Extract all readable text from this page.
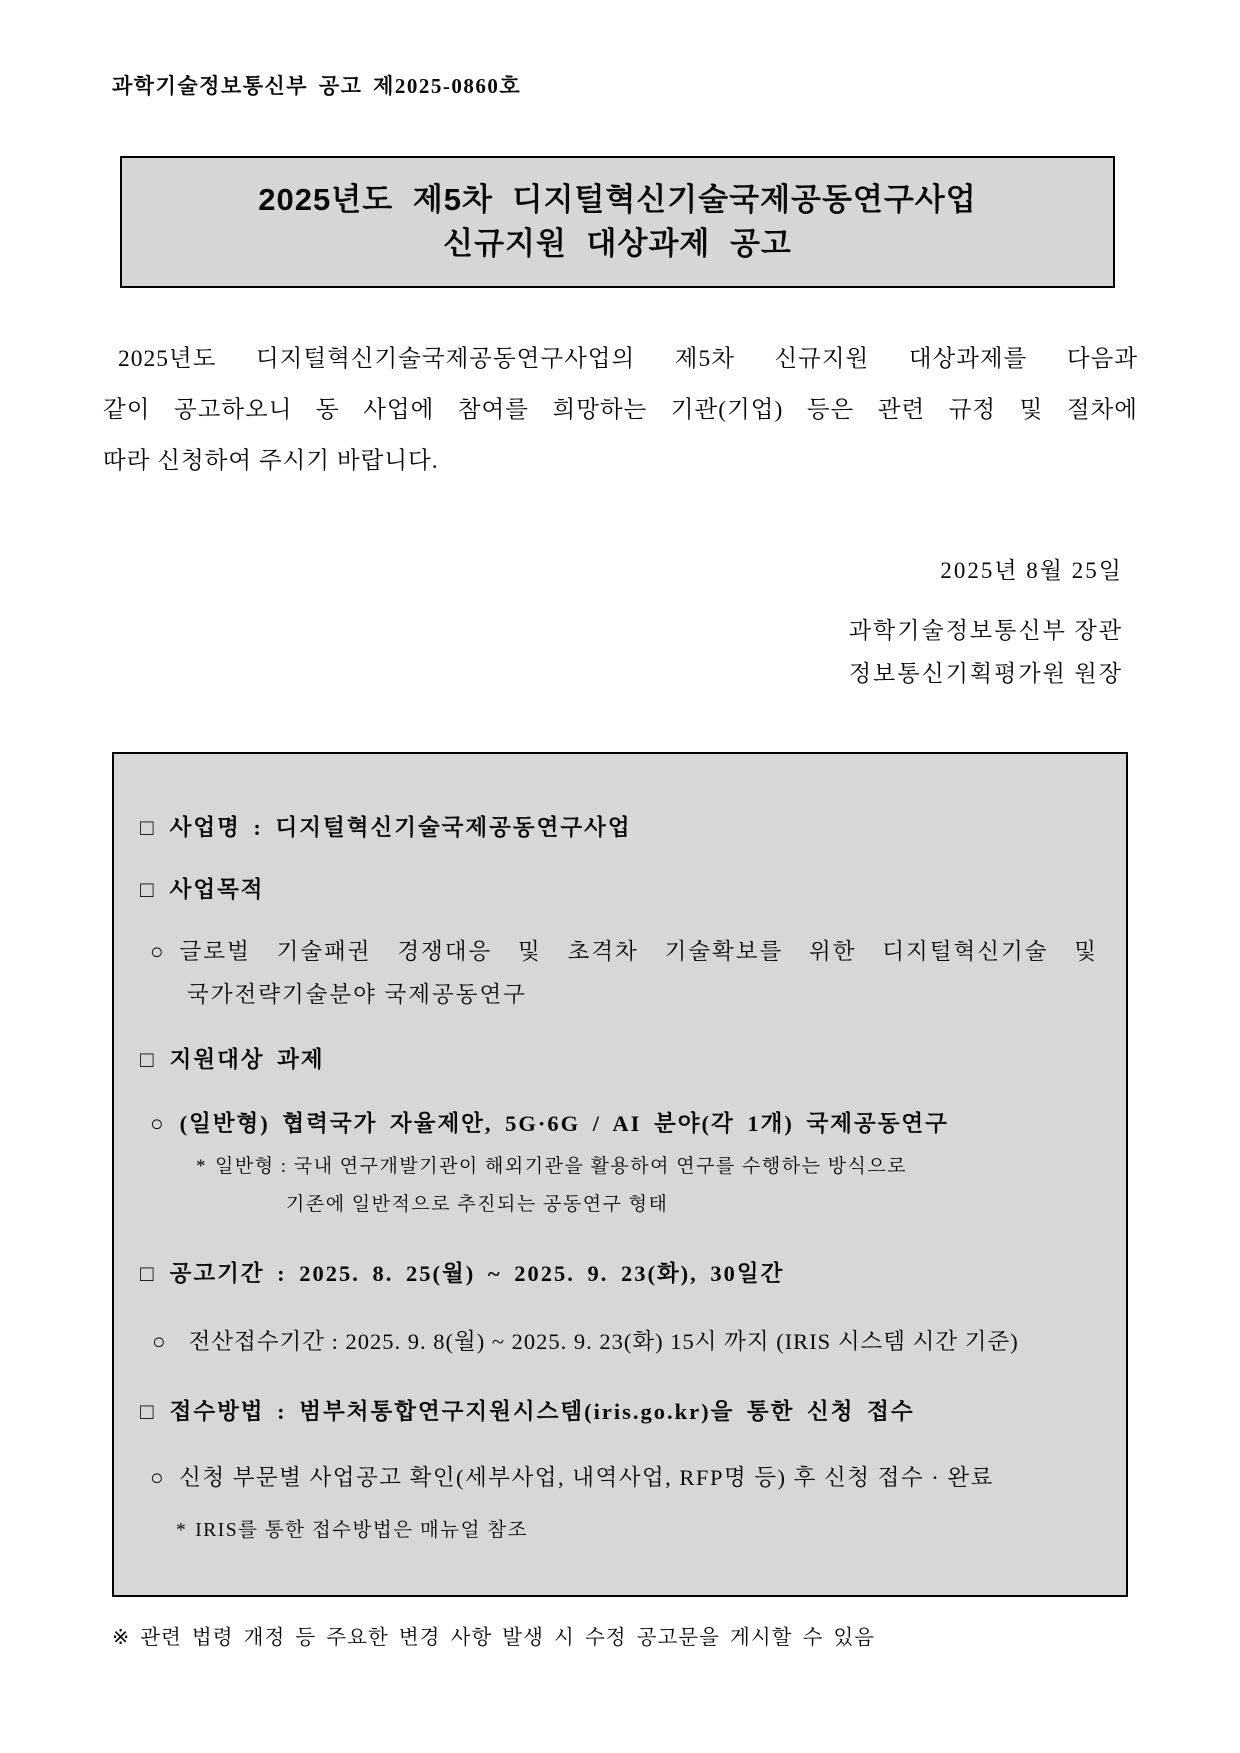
과학기술정보통신부 공고 제2025-0860호
2025년도 제5차 디지털혁신기술국제공동연구사업
신규지원 대상과제 공고
2025년도 디지털혁신기술국제공동연구사업의 제5차 신규지원 대상과제를 다음과
같이 공고하오니 동 사업에 참여를 희망하는 기관(기업) 등은 관련 규정 및 절차에
따라 신청하여 주시기 바랍니다.
2025년 8월 25일
과학기술정보통신부 장관
정보통신기획평가원 원장
□ 사업명 : 디지털혁신기술국제공동연구사업
□ 사업목적
○ 글로벌 기술패권 경쟁대응 및 초격차 기술확보를 위한 디지털혁신기술 및
국가전략기술분야 국제공동연구
□ 지원대상 과제
○ (일반형) 협력국가 자율제안, 5G·6G / AI 분야(각 1개) 국제공동연구
* 일반형 : 국내 연구개발기관이 해외기관을 활용하여 연구를 수행하는 방식으로
기존에 일반적으로 추진되는 공동연구 형태
□ 공고기간 : 2025. 8. 25(월) ~ 2025. 9. 23(화), 30일간
○ 전산접수기간 : 2025. 9. 8(월) ~ 2025. 9. 23(화) 15시 까지 (IRIS 시스템 시간 기준)
□ 접수방법 : 범부처통합연구지원시스템(iris.go.kr)을 통한 신청 접수
○ 신청 부문별 사업공고 확인(세부사업, 내역사업, RFP명 등) 후 신청 접수 · 완료
* IRIS를 통한 접수방법은 매뉴얼 참조
※ 관련 법령 개정 등 주요한 변경 사항 발생 시 수정 공고문을 게시할 수 있음
